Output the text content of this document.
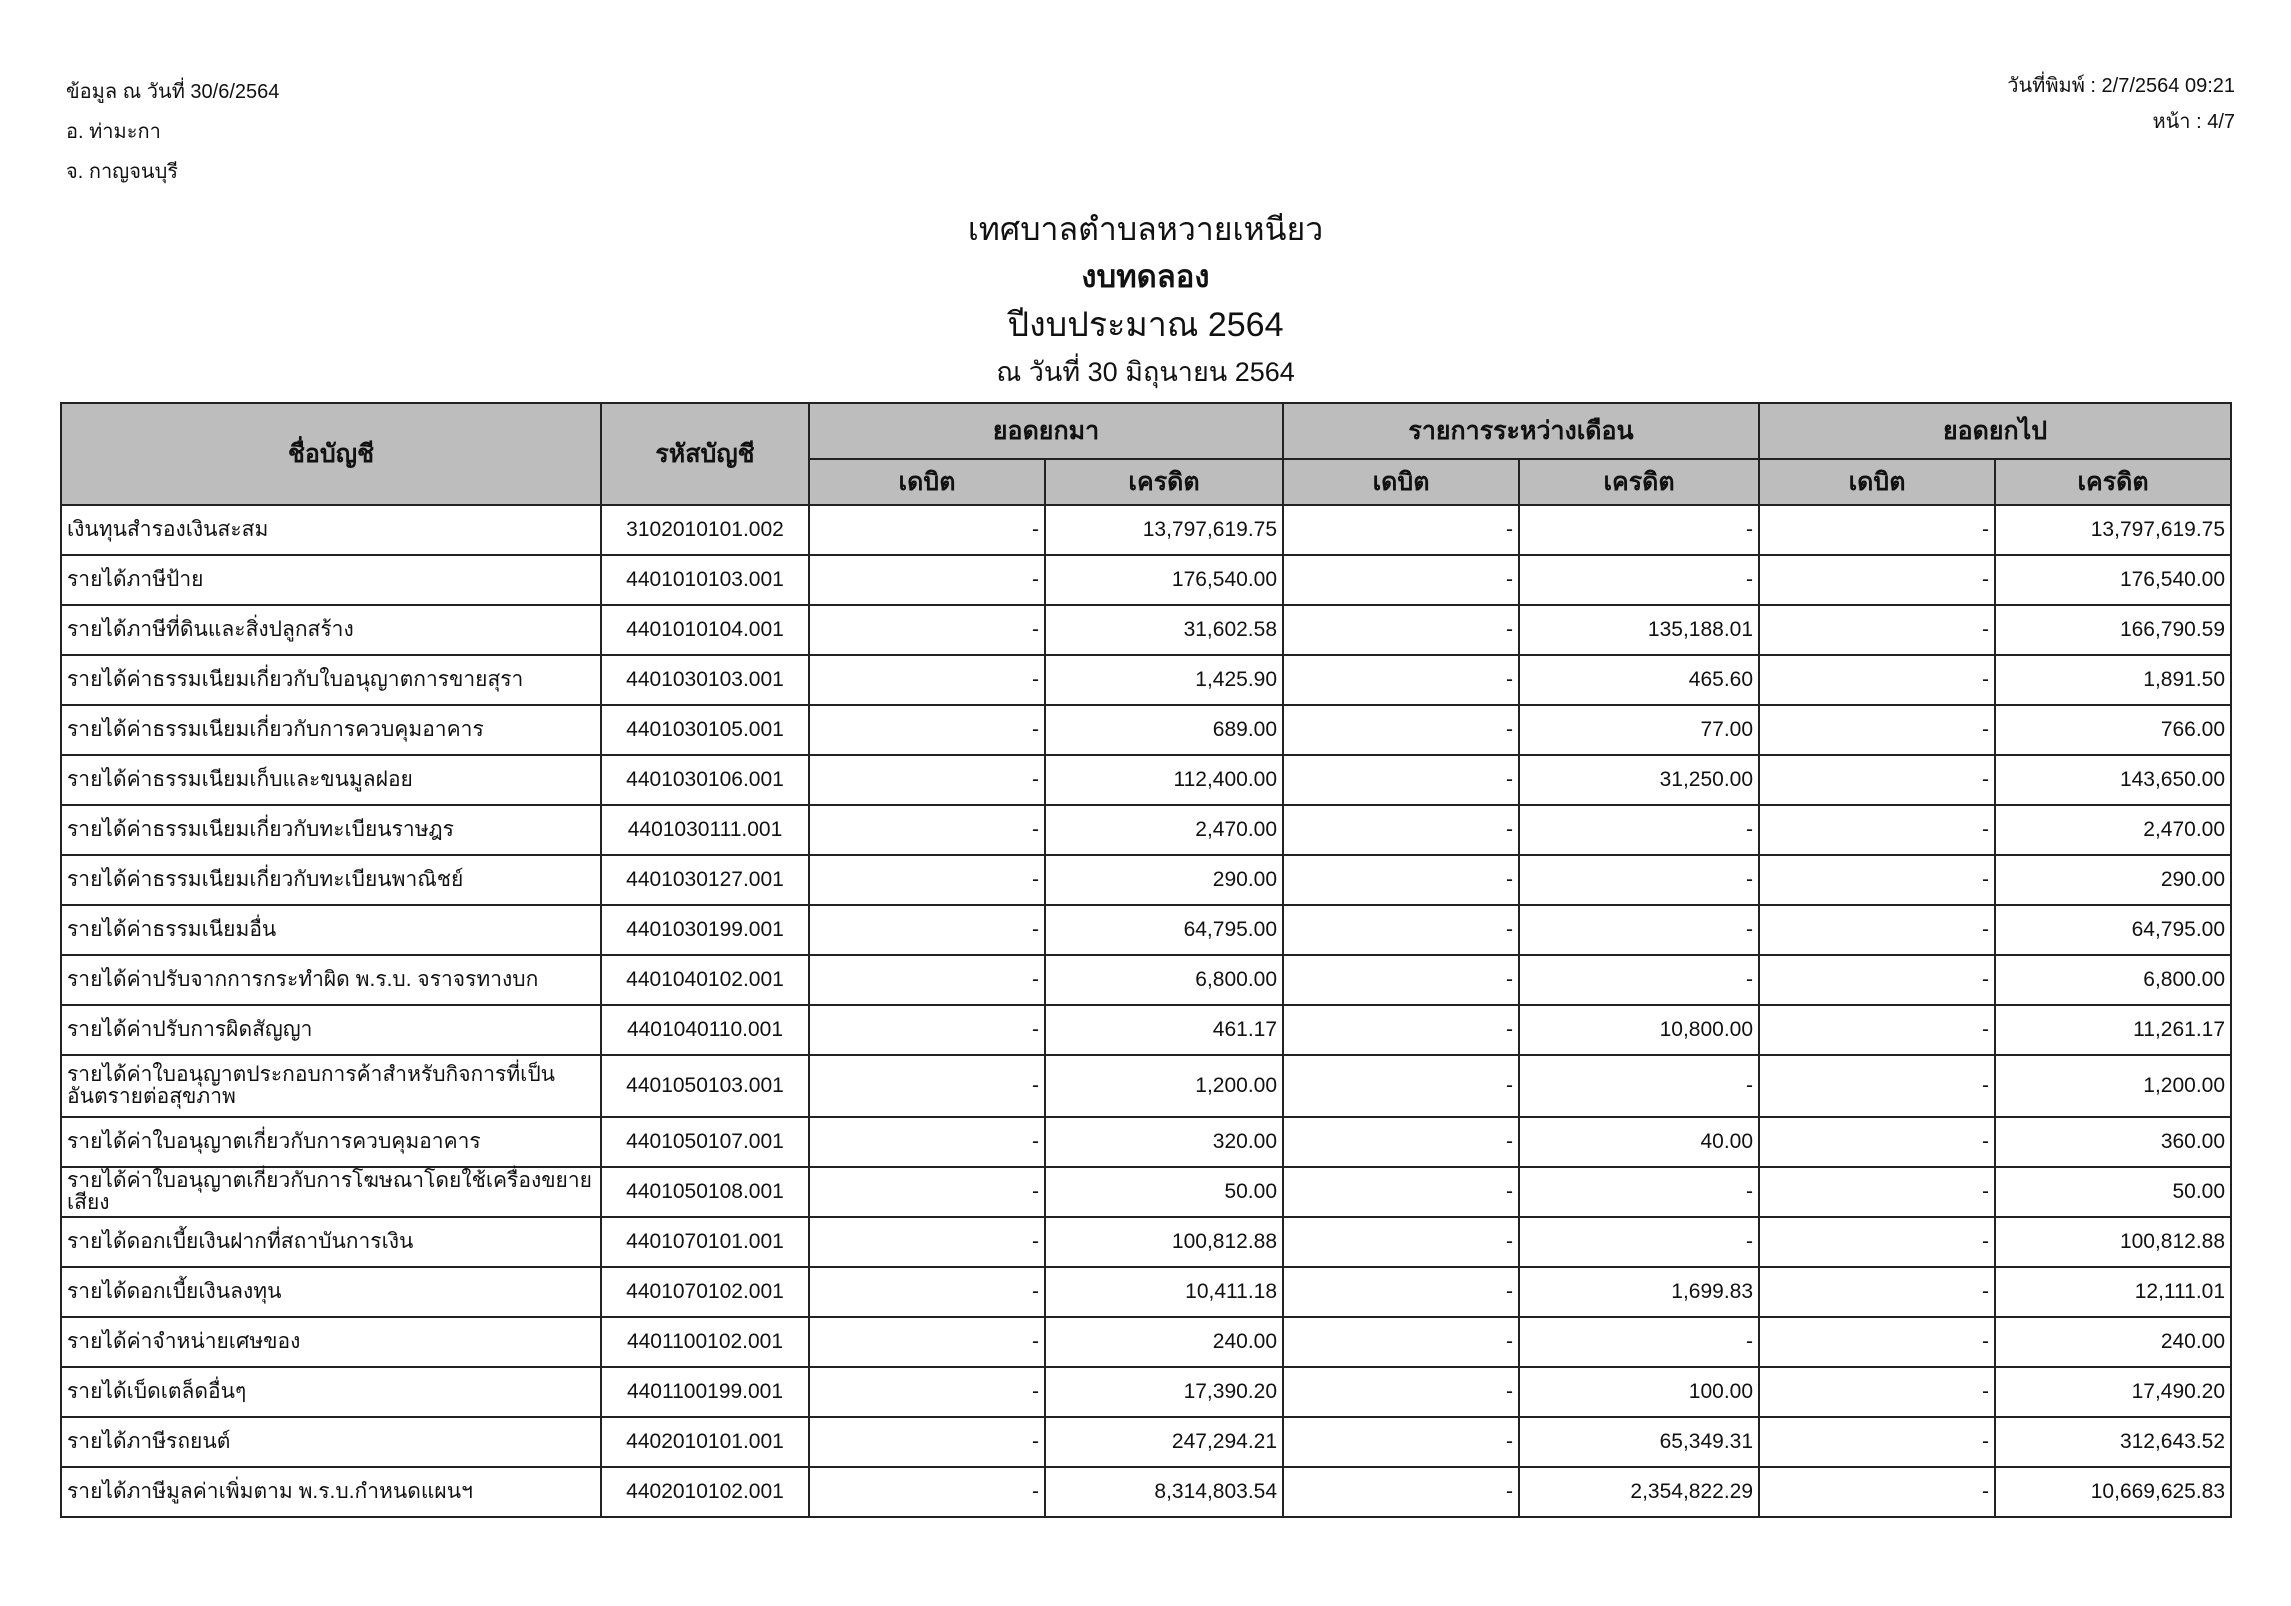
ข้อมูล ณ วันที่ 30/6/2564
อ. ท่ามะกา
จ. กาญจนบุรี
วันที่พิมพ์ : 2/7/2564 09:21
หน้า : 4/7
เทศบาลตำบลหวายเหนียว
งบทดลอง
ปีงบประมาณ 2564
ณ วันที่ 30 มิถุนายน 2564
ชื่อบัญชี	รหัสบัญชี	ยอดยกมา		รายการระหว่างเดือน		ยอดยกไป	
		เดบิต	เครดิต	เดบิต	เครดิต	เดบิต	เครดิต
เงินทุนสำรองเงินสะสม	3102010101.002	-	13,797,619.75	-	-	-	13,797,619.75
รายได้ภาษีป้าย	4401010103.001	-	176,540.00	-	-	-	176,540.00
รายได้ภาษีที่ดินและสิ่งปลูกสร้าง	4401010104.001	-	31,602.58	-	135,188.01	-	166,790.59
รายได้ค่าธรรมเนียมเกี่ยวกับใบอนุญาตการขายสุรา	4401030103.001	-	1,425.90	-	465.60	-	1,891.50
รายได้ค่าธรรมเนียมเกี่ยวกับการควบคุมอาคาร	4401030105.001	-	689.00	-	77.00	-	766.00
รายได้ค่าธรรมเนียมเก็บและขนมูลฝอย	4401030106.001	-	112,400.00	-	31,250.00	-	143,650.00
รายได้ค่าธรรมเนียมเกี่ยวกับทะเบียนราษฎร	4401030111.001	-	2,470.00	-	-	-	2,470.00
รายได้ค่าธรรมเนียมเกี่ยวกับทะเบียนพาณิชย์	4401030127.001	-	290.00	-	-	-	290.00
รายได้ค่าธรรมเนียมอื่น	4401030199.001	-	64,795.00	-	-	-	64,795.00
รายได้ค่าปรับจากการกระทำผิด พ.ร.บ. จราจรทางบก	4401040102.001	-	6,800.00	-	-	-	6,800.00
รายได้ค่าปรับการผิดสัญญา	4401040110.001	-	461.17	-	10,800.00	-	11,261.17
รายได้ค่าใบอนุญาตประกอบการค้าสำหรับกิจการที่เป็นอันตรายต่อสุขภาพ	4401050103.001	-	1,200.00	-	-	-	1,200.00
รายได้ค่าใบอนุญาตเกี่ยวกับการควบคุมอาคาร	4401050107.001	-	320.00	-	40.00	-	360.00
รายได้ค่าใบอนุญาตเกี่ยวกับการโฆษณาโดยใช้เครื่องขยายเสียง	4401050108.001	-	50.00	-	-	-	50.00
รายได้ดอกเบี้ยเงินฝากที่สถาบันการเงิน	4401070101.001	-	100,812.88	-	-	-	100,812.88
รายได้ดอกเบี้ยเงินลงทุน	4401070102.001	-	10,411.18	-	1,699.83	-	12,111.01
รายได้ค่าจำหน่ายเศษของ	4401100102.001	-	240.00	-	-	-	240.00
รายได้เบ็ดเตล็ดอื่นๆ	4401100199.001	-	17,390.20	-	100.00	-	17,490.20
รายได้ภาษีรถยนต์	4402010101.001	-	247,294.21	-	65,349.31	-	312,643.52
รายได้ภาษีมูลค่าเพิ่มตาม พ.ร.บ.กำหนดแผนฯ	4402010102.001	-	8,314,803.54	-	2,354,822.29	-	10,669,625.83
